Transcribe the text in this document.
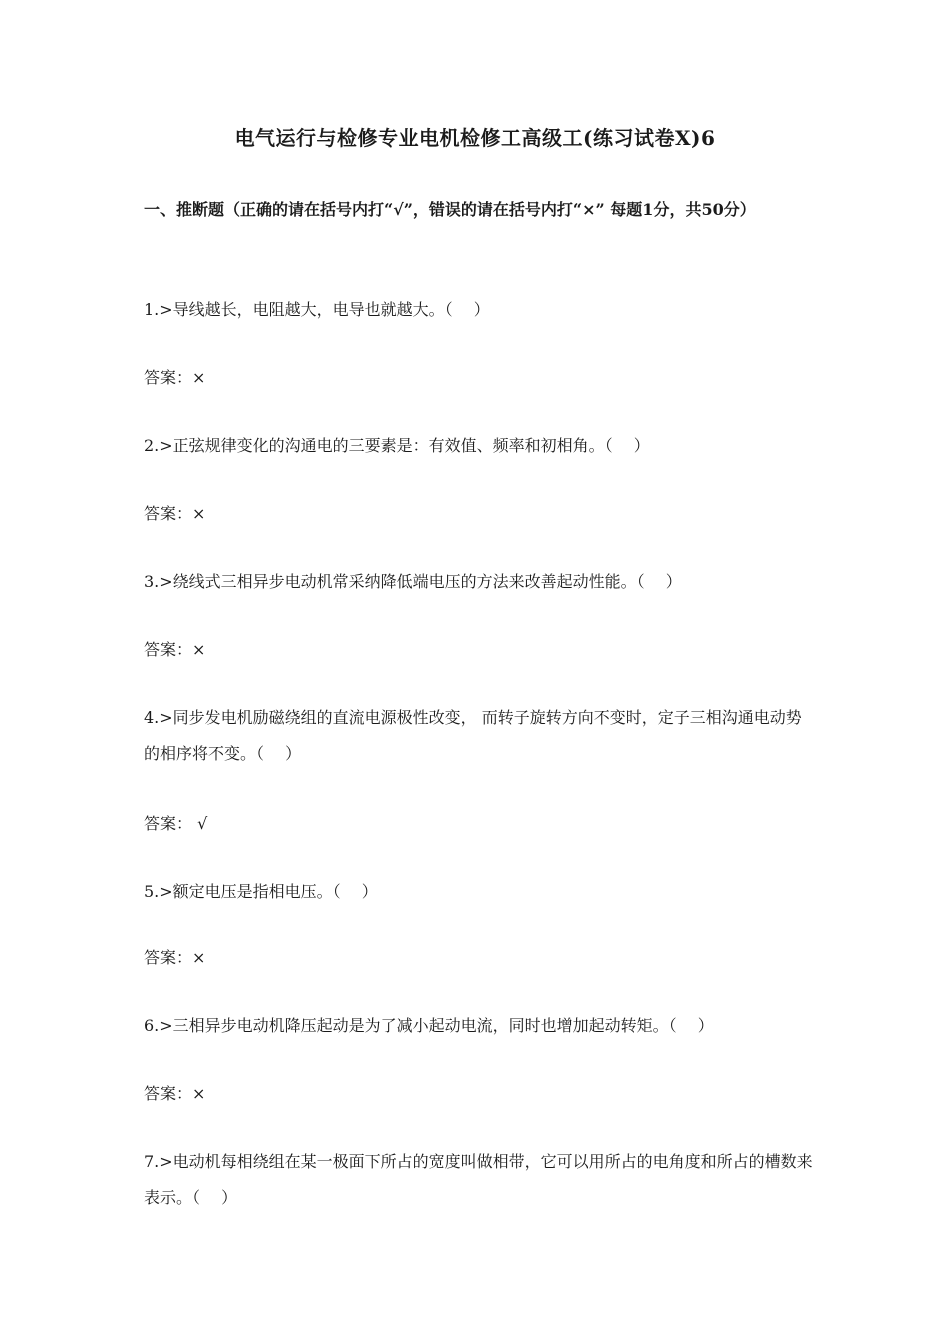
电气运行与检修专业电机检修工高级工(练习试卷X)6
一、推断题（正确的请在括号内打“√”，错误的请在括号内打“×” 每题1分，共50分）
1.>导线越长，电阻越大，电导也就越大。（　 ）
答案：×
2.>正弦规律变化的沟通电的三要素是：有效值、频率和初相角。（　 ）
答案：×
3.>绕线式三相异步电动机常采纳降低端电压的方法来改善起动性能。（　 ）
答案：×
4.>同步发电机励磁绕组的直流电源极性改变， 而转子旋转方向不变时，定子三相沟通电动势的相序将不变。（　 ）
答案： √
5.>额定电压是指相电压。（　 ）
答案：×
6.>三相异步电动机降压起动是为了减小起动电流，同时也增加起动转矩。（　 ）
答案：×
7.>电动机每相绕组在某一极面下所占的宽度叫做相带，它可以用所占的电角度和所占的槽数来表示。（　 ）
